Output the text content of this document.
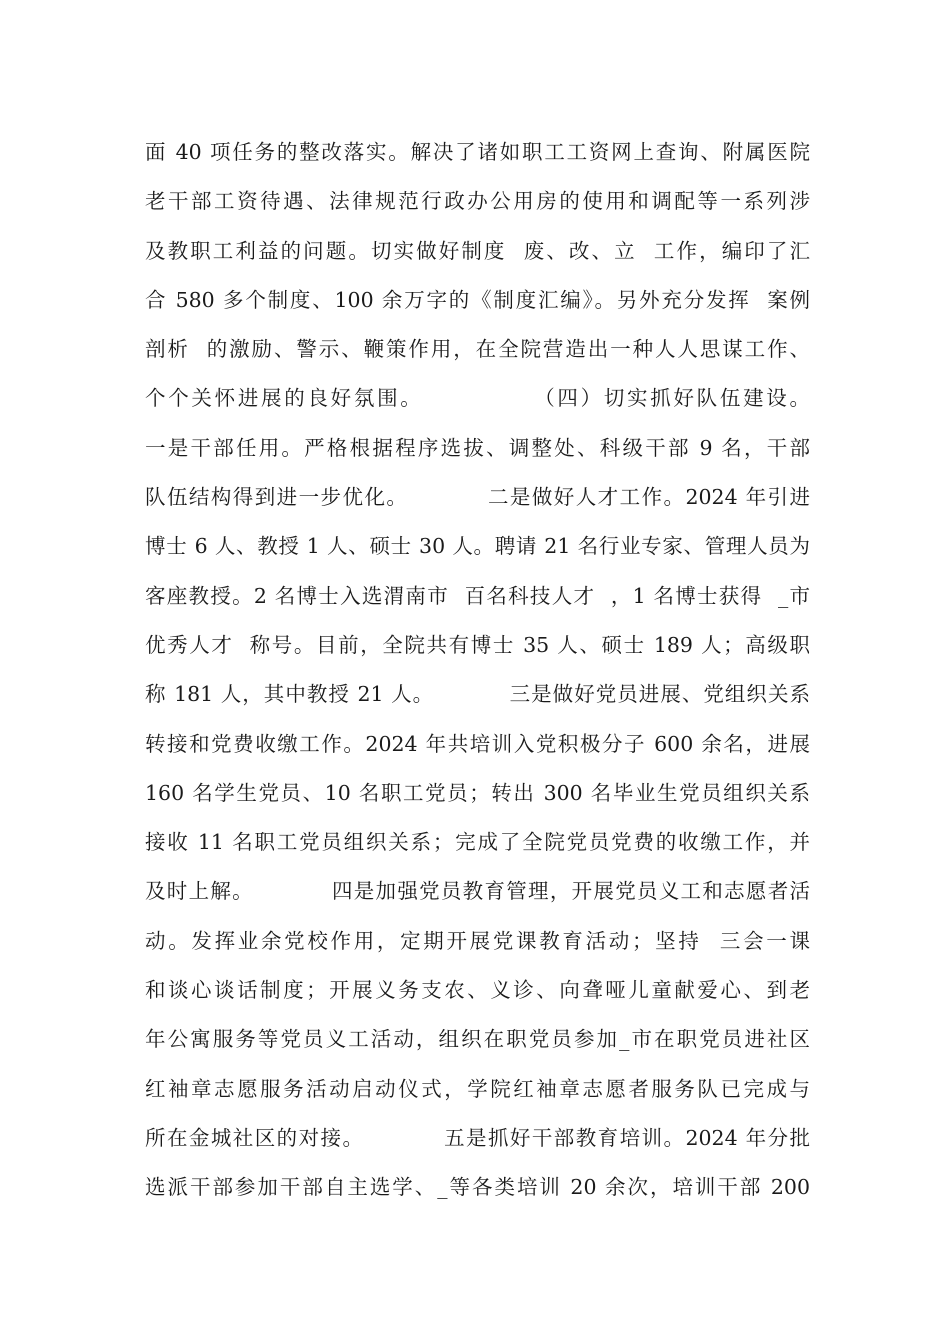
面 40 项任务的整改落实。解决了诸如职工工资网上查询、附属医院
老干部工资待遇、法律规范行政办公用房的使用和调配等一系列涉
及教职工利益的问题。切实做好制度  废、改、立  工作，编印了汇
合 580 多个制度、100 余万字的《制度汇编》。另外充分发挥  案例
剖析  的激励、警示、鞭策作用，在全院营造出一种人人思谋工作、
个个关怀进展的良好氛围。            （四）切实抓好队伍建设。
一是干部任用。严格根据程序选拔、调整处、科级干部 9 名，干部
队伍结构得到进一步优化。          二是做好人才工作。2024 年引进
博士 6 人、教授 1 人、硕士 30 人。聘请 21 名行业专家、管理人员为
客座教授。2 名博士入选渭南市  百名科技人才  ，1 名博士获得  _市
优秀人才  称号。目前，全院共有博士 35 人、硕士 189 人；高级职
称 181 人，其中教授 21 人。          三是做好党员进展、党组织关系
转接和党费收缴工作。2024 年共培训入党积极分子 600 余名，进展
160 名学生党员、10 名职工党员；转出 300 名毕业生党员组织关系
接收 11 名职工党员组织关系；完成了全院党员党费的收缴工作，并
及时上解。          四是加强党员教育管理，开展党员义工和志愿者活
动。发挥业余党校作用，定期开展党课教育活动；坚持  三会一课
和谈心谈话制度；开展义务支农、义诊、向聋哑儿童献爱心、到老
年公寓服务等党员义工活动，组织在职党员参加_市在职党员进社区
红袖章志愿服务活动启动仪式，学院红袖章志愿者服务队已完成与
所在金城社区的对接。          五是抓好干部教育培训。2024 年分批
选派干部参加干部自主选学、_等各类培训 20 余次，培训干部 200
